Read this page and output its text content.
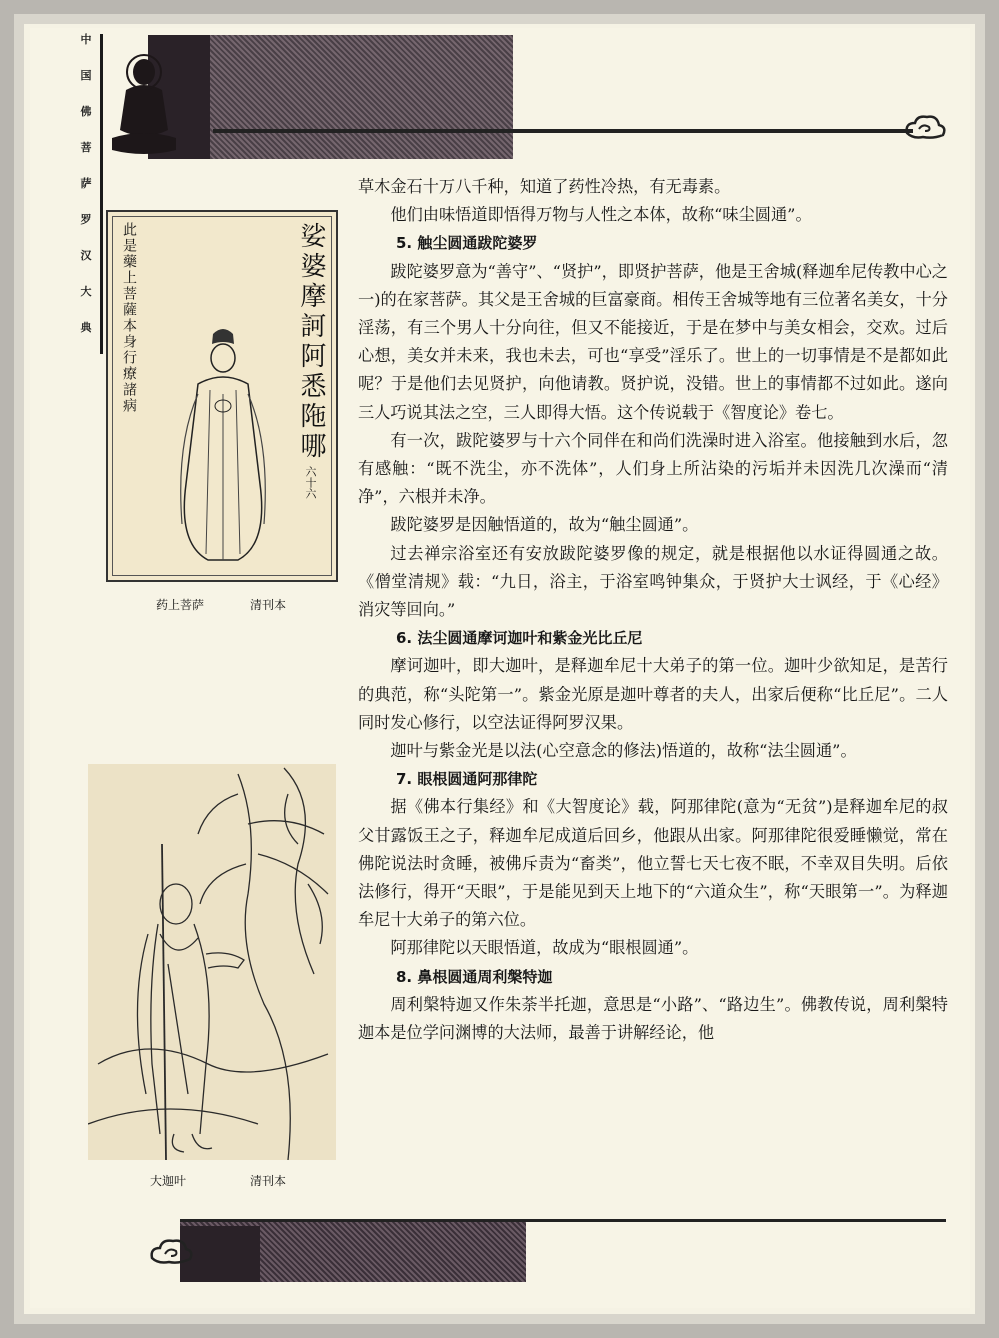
中
国
佛
菩
萨
罗
汉
大
典	娑婆摩訶阿悉陁哪
六十六
此是藥上菩薩本身行療諸病
药上菩萨	清刊本
大迦叶	清刊本

草木金石十万八千种，知道了药性冷热，有无毒素。

他们由味悟道即悟得万物与人性之本体，故称“味尘圆通”。

5. 触尘圆通跋陀婆罗

跋陀婆罗意为“善守”、“贤护”，即贤护菩萨，他是王舍城(释迦牟尼传教中心之一)的在家菩萨。其父是王舍城的巨富豪商。相传王舍城等地有三位著名美女，十分淫荡，有三个男人十分向往，但又不能接近，于是在梦中与美女相会，交欢。过后心想，美女并未来，我也未去，可也“享受”淫乐了。世上的一切事情是不是都如此呢？于是他们去见贤护，向他请教。贤护说，没错。世上的事情都不过如此。遂向三人巧说其法之空，三人即得大悟。这个传说载于《智度论》卷七。

有一次，跋陀婆罗与十六个同伴在和尚们洗澡时进入浴室。他接触到水后，忽有感触：“既不洗尘，亦不洗体”，人们身上所沾染的污垢并未因洗几次澡而“清净”，六根并未净。

跋陀婆罗是因触悟道的，故为“触尘圆通”。

过去禅宗浴室还有安放跋陀婆罗像的规定，就是根据他以水证得圆通之故。《僧堂清规》载：“九日，浴主，于浴室鸣钟集众，于贤护大士讽经，于《心经》消灾等回向。”

6. 法尘圆通摩诃迦叶和紫金光比丘尼

摩诃迦叶，即大迦叶，是释迦牟尼十大弟子的第一位。迦叶少欲知足，是苦行的典范，称“头陀第一”。紫金光原是迦叶尊者的夫人，出家后便称“比丘尼”。二人同时发心修行，以空法证得阿罗汉果。

迦叶与紫金光是以法(心空意念的修法)悟道的，故称“法尘圆通”。

7. 眼根圆通阿那律陀

据《佛本行集经》和《大智度论》载，阿那律陀(意为“无贫”)是释迦牟尼的叔父甘露饭王之子，释迦牟尼成道后回乡，他跟从出家。阿那律陀很爱睡懒觉，常在佛陀说法时贪睡，被佛斥责为“畜类”，他立誓七天七夜不眠，不幸双目失明。后依法修行，得开“天眼”，于是能见到天上地下的“六道众生”，称“天眼第一”。为释迦牟尼十大弟子的第六位。

阿那律陀以天眼悟道，故成为“眼根圆通”。

8. 鼻根圆通周利槃特迦

周利槃特迦又作朱荼半托迦，意思是“小路”、“路边生”。佛教传说，周利槃特迦本是位学问渊博的大法师，最善于讲解经论，他
